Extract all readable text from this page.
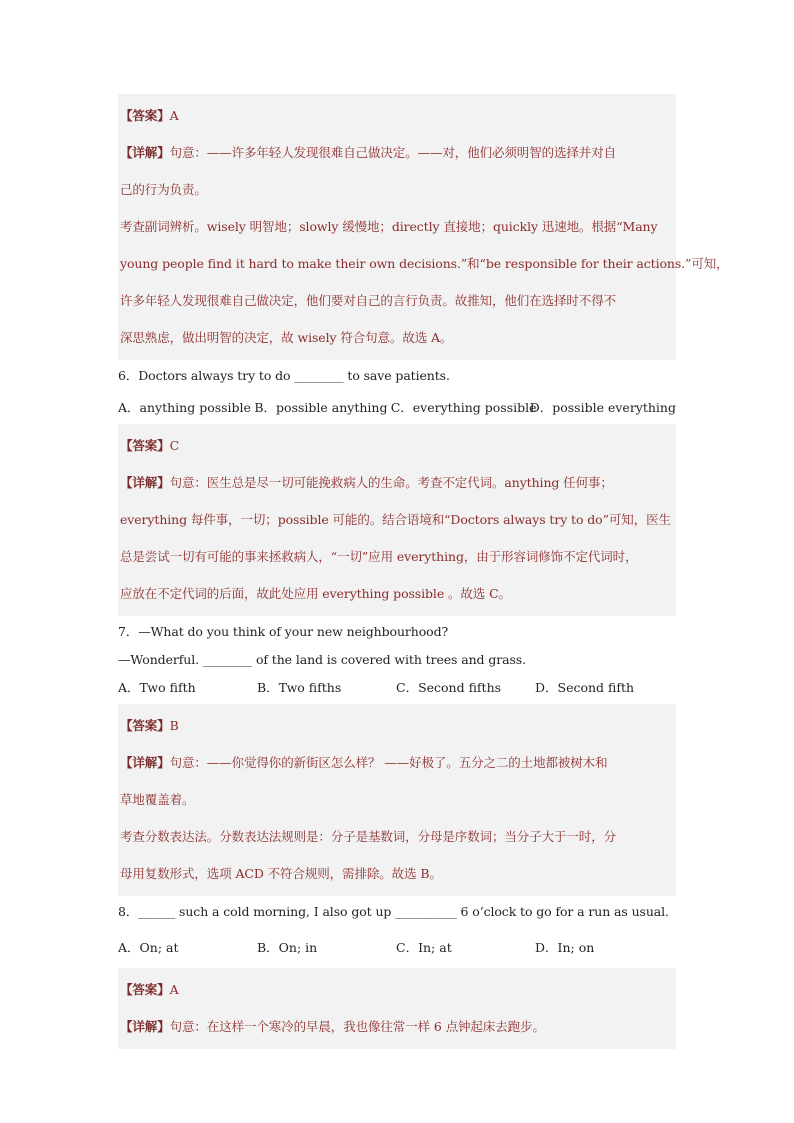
【答案】A
【详解】句意：——许多年轻人发现很难自己做决定。——对，他们必须明智的选择并对自
己的行为负责。
考查副词辨析。wisely 明智地；slowly 缓慢地；directly 直接地；quickly 迅速地。根据“Many
young people find it hard to make their own decisions.”和“be responsible for their actions.”可知，
许多年轻人发现很难自己做决定，他们要对自己的言行负责。故推知，他们在选择时不得不
深思熟虑，做出明智的决定，故 wisely 符合句意。故选 A。
6．Doctors always try to do ________ to save patients.
A．anything possible B．possible anything C．everything possible
D．possible everything
【答案】C
【详解】句意：医生总是尽一切可能挽救病人的生命。考查不定代词。anything 任何事；
everything 每件事，一切；possible 可能的。结合语境和“Doctors always try to do”可知，医生
总是尝试一切有可能的事来拯救病人，“一切”应用 everything，由于形容词修饰不定代词时，
应放在不定代词的后面，故此处应用 everything possible 。故选 C。
7．—What do you think of your new neighbourhood?
—Wonderful. ________ of the land is covered with trees and grass.
A．Two fifth	B．Two fifths	C．Second fifths	D．Second fifth
【答案】B
【详解】句意：——你觉得你的新街区怎么样？ ——好极了。五分之二的土地都被树木和
草地覆盖着。
考查分数表达法。分数表达法规则是：分子是基数词，分母是序数词；当分子大于一时，分
母用复数形式，选项 ACD 不符合规则，需排除。故选 B。
8．______ such a cold morning, I also got up __________ 6 o’clock to go for a run as usual.
A．On; at	B．On; in	C．In; at	D．In; on
【答案】A
【详解】句意：在这样一个寒冷的早晨，我也像往常一样 6 点钟起床去跑步。
